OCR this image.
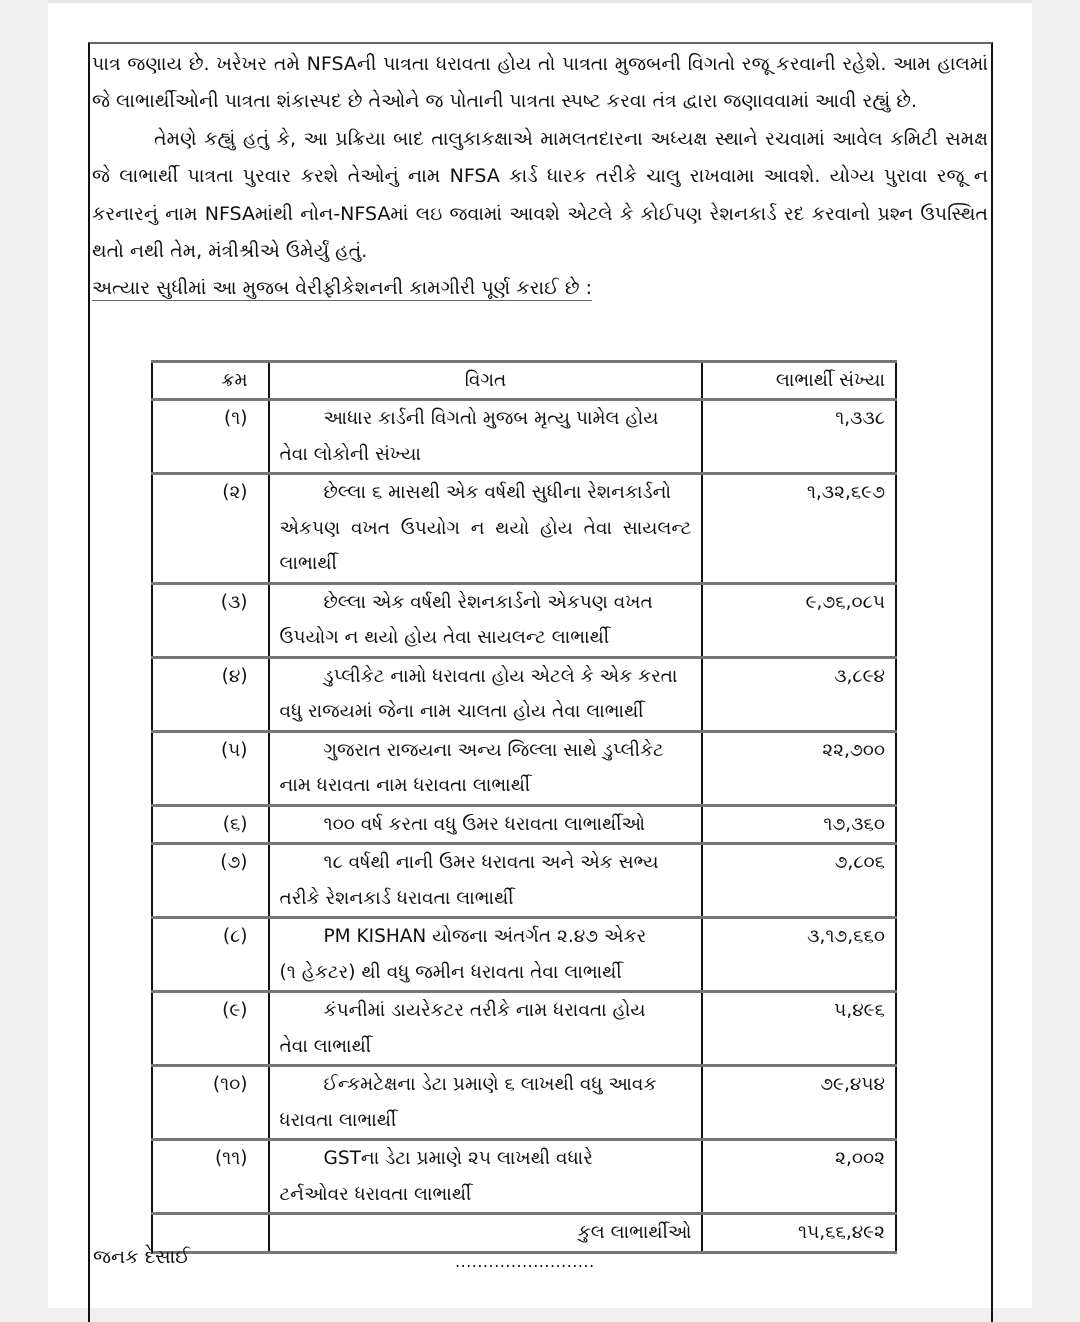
પાત્ર જણાય છે. ખરેખર તમે NFSAની પાત્રતા ધરાવતા હોય તો પાત્રતા મુજબની વિગતો રજૂ કરવાની રહેશે. આમ હાલમાં જે લાભાર્થીઓની પાત્રતા શંકાસ્પદ છે તેઓને જ પોતાની પાત્રતા સ્પષ્ટ કરવા તંત્ર દ્વારા જણાવવામાં આવી રહ્યું છે.

તેમણે કહ્યું હતું કે, આ પ્રક્રિયા બાદ તાલુકાકક્ષાએ મામલતદારના અધ્યક્ષ સ્થાને રચવામાં આવેલ કમિટી સમક્ષ જે લાભાર્થી પાત્રતા પુરવાર કરશે તેઓનું નામ NFSA કાર્ડ ધારક તરીકે ચાલુ રાખવામા આવશે. યોગ્ય પુરાવા રજૂ ન કરનારનું નામ NFSAમાંથી નોન-NFSAમાં લઇ જવામાં આવશે એટલે કે કોઈપણ રેશનકાર્ડ રદ કરવાનો પ્રશ્ન ઉપસ્થિત થતો નથી તેમ, મંત્રીશ્રીએ ઉમેર્યું હતું.

અત્યાર સુધીમાં આ મુજબ વેરીફીકેશનની કામગીરી પૂર્ણ કરાઈ છે :

ક્રમ	વિગત	લાભાર્થી સંખ્યા
(૧)	આધાર કાર્ડની વિગતો મુજબ મૃત્યુ પામેલ હોય
તેવા લોકોની સંખ્યા	૧,૩૩૮
(૨)	છેલ્લા ૬ માસથી એક વર્ષથી સુધીના રેશનકાર્ડનો
એકપણ વખત ઉપયોગ ન થયો હોય તેવા સાયલન્ટ લાભાર્થી	૧,૩૨,૬૯૭
(૩)	છેલ્લા એક વર્ષથી રેશનકાર્ડનો એકપણ વખત
ઉપયોગ ન થયો હોય તેવા સાયલન્ટ લાભાર્થી	૯,૭૬,૦૮૫
(૪)	ડુપ્લીકેટ નામો ધરાવતા હોય એટલે કે એક કરતા
વધુ રાજયમાં જેના નામ ચાલતા હોય તેવા લાભાર્થી	૩,૮૯૪
(૫)	ગુજરાત રાજયના અન્ય જિલ્લા સાથે ડુપ્લીકેટ
નામ ધરાવતા નામ ધરાવતા લાભાર્થી	૨૨,૭૦૦
(૬)	૧૦૦ વર્ષ કરતા વધુ ઉમર ધરાવતા લાભાર્થીઓ	૧૭,૩૬૦
(૭)	૧૮ વર્ષથી નાની ઉમર ધરાવતા અને એક સભ્ય
તરીકે રેશનકાર્ડ ધરાવતા લાભાર્થી	૭,૮૦૬
(૮)	PM KISHAN યોજના અંતર્ગત ૨.૪૭ એકર
(૧ હેકટર) થી વધુ જમીન ધરાવતા તેવા લાભાર્થી	૩,૧૭,૬૬૦
(૯)	કંપનીમાં ડાયરેકટર તરીકે નામ ધરાવતા હોય
તેવા લાભાર્થી	૫,૪૯૬
(૧૦)	ઈન્કમટેક્ષના ડેટા પ્રમાણે ૬ લાખથી વધુ આવક
ધરાવતા લાભાર્થી	૭૯,૪૫૪
(૧૧)	GSTના ડેટા પ્રમાણે ૨૫ લાખથી વધારે
ટર્નઓવર ધરાવતા લાભાર્થી	૨,૦૦૨
	કુલ લાભાર્થીઓ	૧૫,૬૬,૪૯૨
જનક દેસાઈ	.........................
